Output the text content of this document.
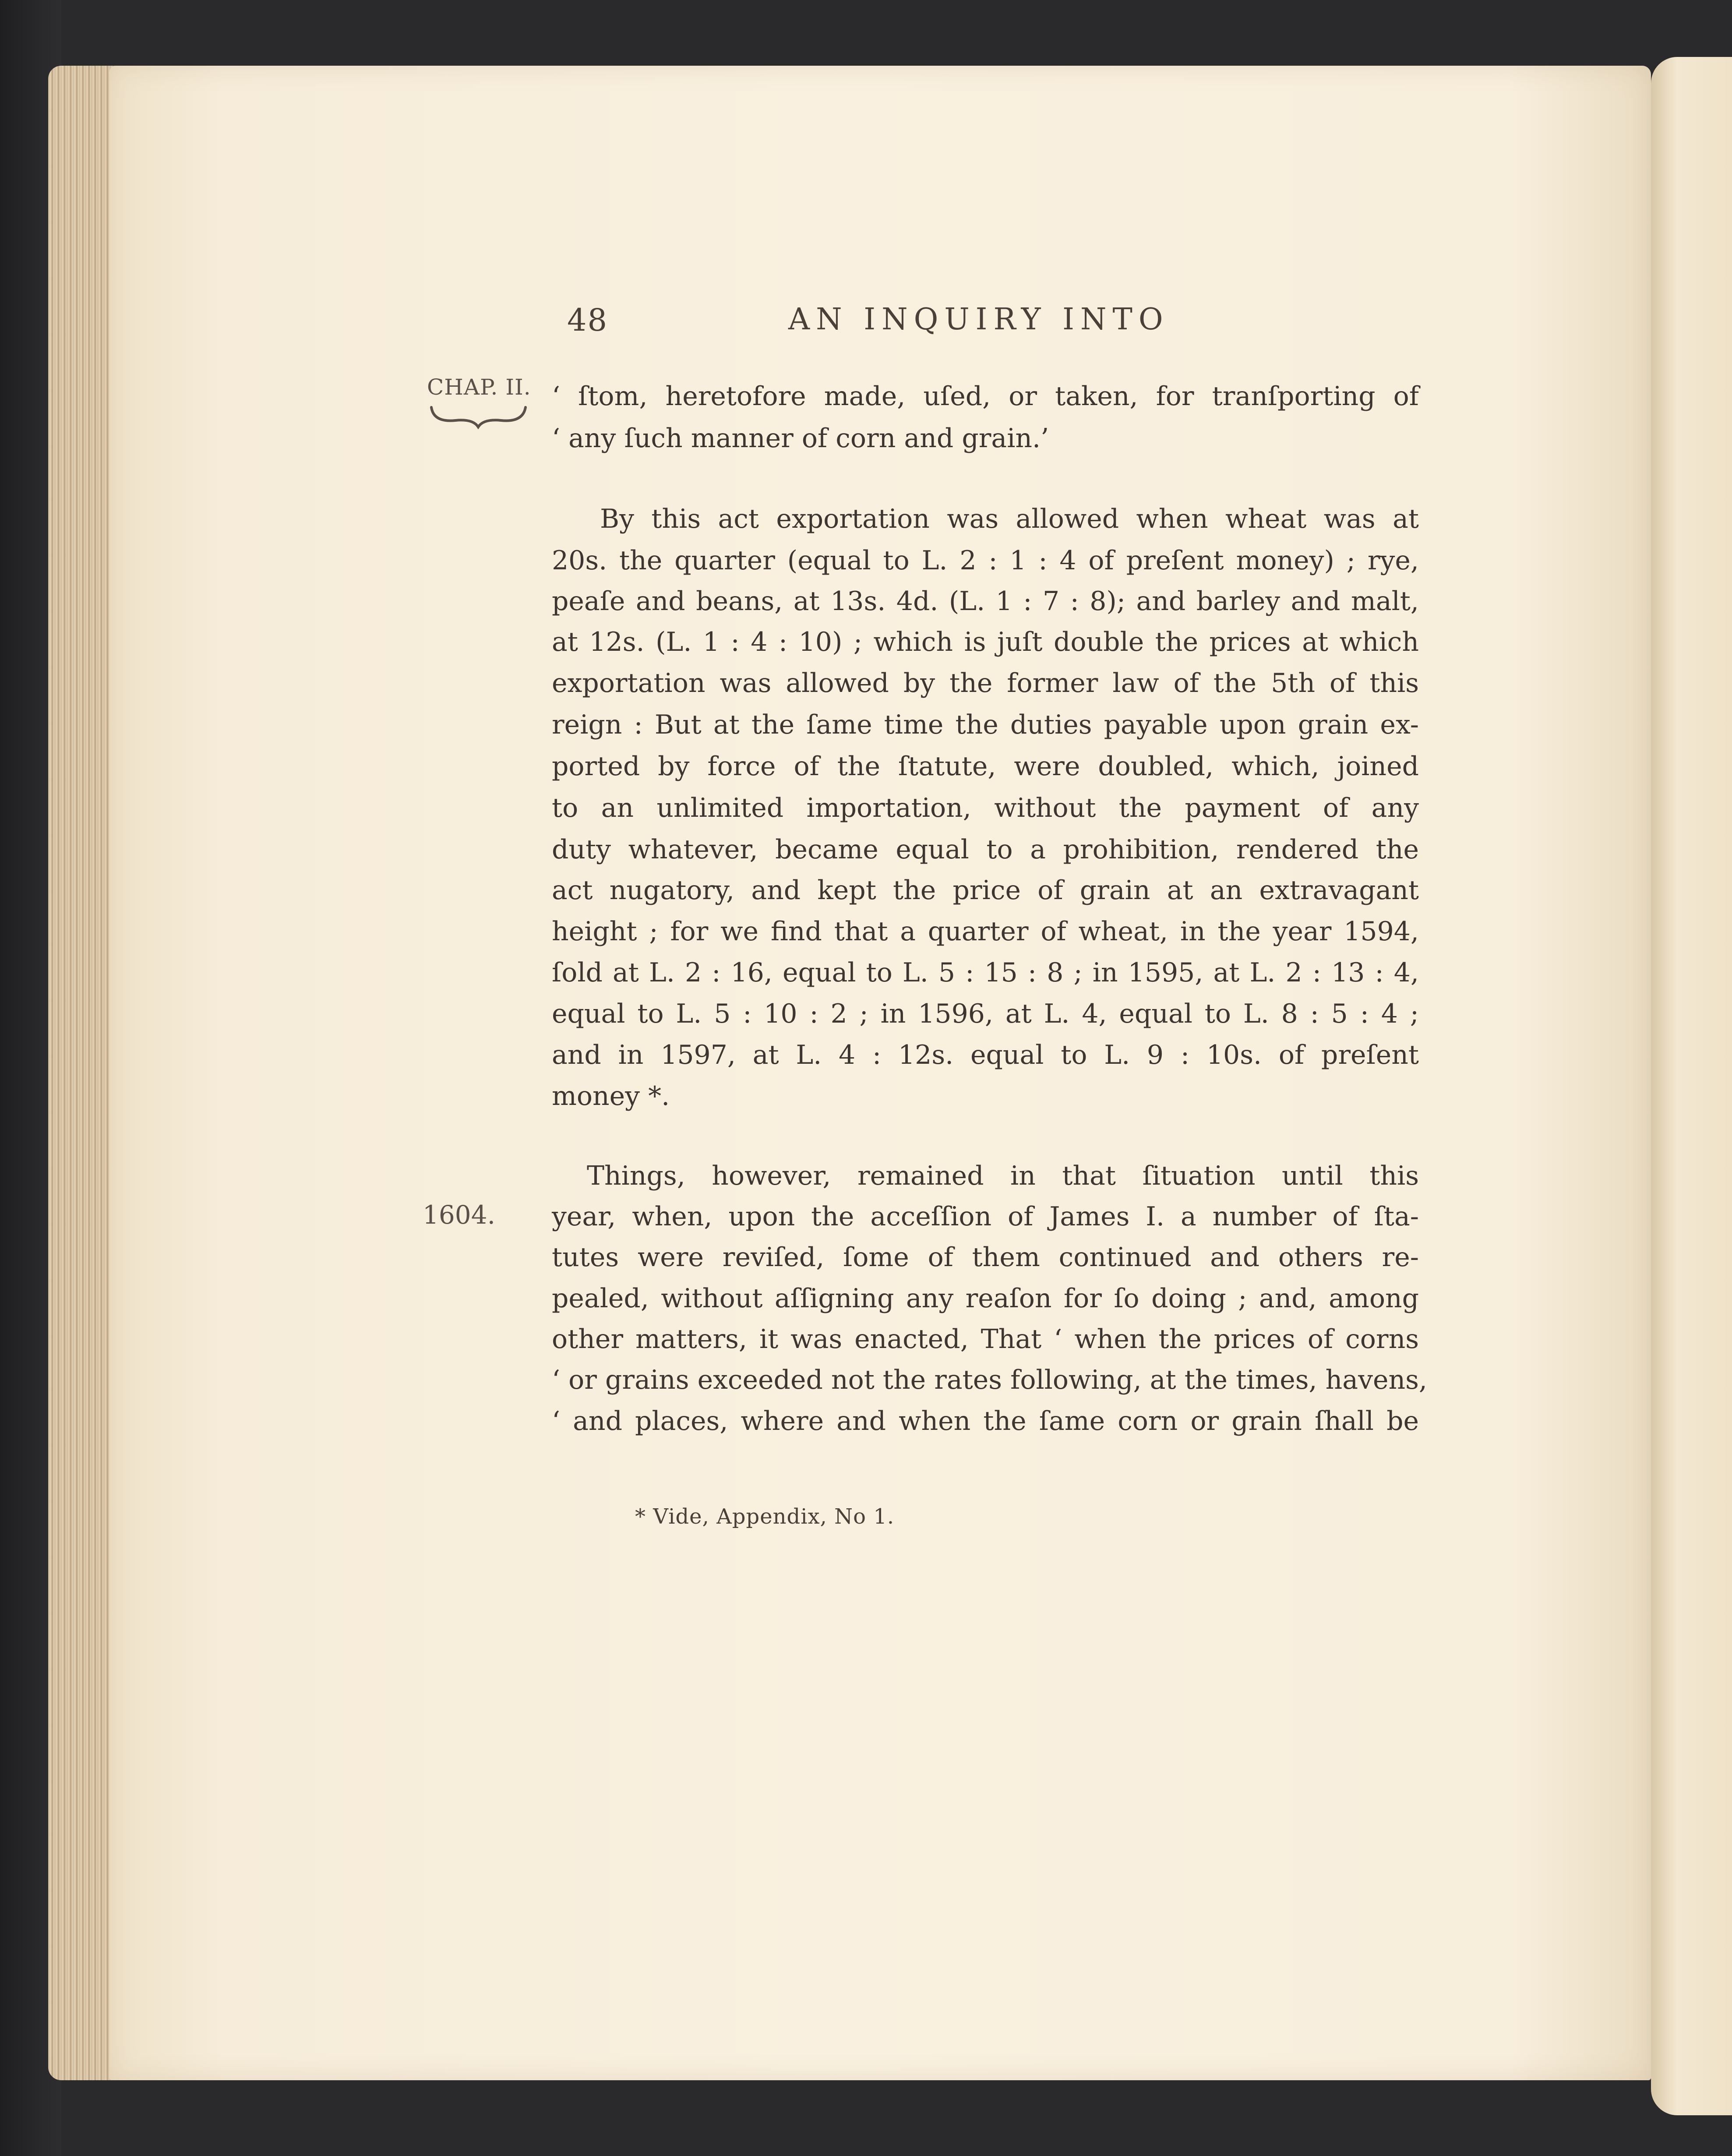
48	AN INQUIRY INTO
CHAP. II.
1604.
‘ ſtom, heretofore made, uſed, or taken, for tranſporting of
‘ any ſuch manner of corn and grain.’
By this act exportation was allowed when wheat was at
20s. the quarter (equal to L. 2 : 1 : 4 of preſent money) ; rye,
peaſe and beans, at 13s. 4d. (L. 1 : 7 : 8); and barley and malt,
at 12s. (L. 1 : 4 : 10) ; which is juſt double the prices at which
exportation was allowed by the former law of the 5th of this
reign : But at the ſame time the duties payable upon grain ex-
ported by force of the ſtatute, were doubled, which, joined
to an unlimited importation, without the payment of any
duty whatever, became equal to a prohibition, rendered the
act nugatory, and kept the price of grain at an extravagant
height ; for we find that a quarter of wheat, in the year 1594,
ſold at L. 2 : 16, equal to L. 5 : 15 : 8 ; in 1595, at L. 2 : 13 : 4,
equal to L. 5 : 10 : 2 ; in 1596, at L. 4, equal to L. 8 : 5 : 4 ;
and in 1597, at L. 4 : 12s. equal to L. 9 : 10s. of preſent
money *.
Things, however, remained in that ſituation until this
year, when, upon the acceſſion of James I. a number of ſta-
tutes were reviſed, ſome of them continued and others re-
pealed, without aſſigning any reaſon for ſo doing ; and, among
other matters, it was enacted, That ‘ when the prices of corns
‘ or grains exceeded not the rates following, at the times, havens,
‘ and places, where and when the ſame corn or grain ſhall be
* Vide, Appendix, No 1.
